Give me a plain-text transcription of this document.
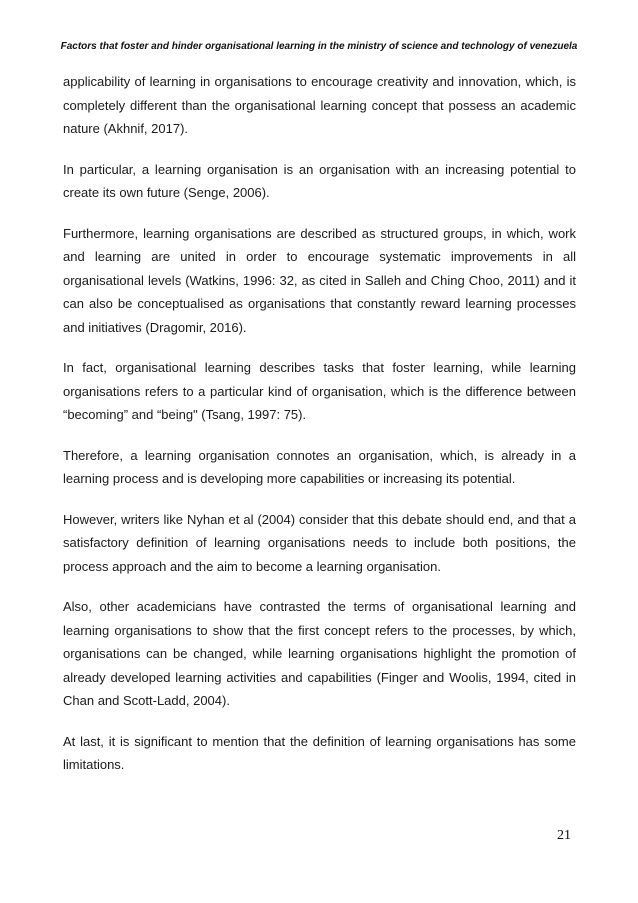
Factors that foster and hinder organisational learning in the ministry of science and technology of venezuela

applicability of learning in organisations to encourage creativity and innovation, which, is completely different than the organisational learning concept that possess an academic nature (Akhnif, 2017).

In particular, a learning organisation is an organisation with an increasing potential to create its own future (Senge, 2006).

Furthermore, learning organisations are described as structured groups, in which, work and learning are united in order to encourage systematic improvements in all organisational levels (Watkins, 1996: 32, as cited in Salleh and Ching Choo, 2011) and it can also be conceptualised as organisations that constantly reward learning processes and initiatives (Dragomir, 2016).

In fact, organisational learning describes tasks that foster learning, while learning organisations refers to a particular kind of organisation, which is the difference between “becoming” and “being" (Tsang, 1997: 75).

Therefore, a learning organisation connotes an organisation, which, is already in a learning process and is developing more capabilities or increasing its potential.

However, writers like Nyhan et al (2004) consider that this debate should end, and that a satisfactory definition of learning organisations needs to include both positions, the process approach and the aim to become a learning organisation.

Also, other academicians have contrasted the terms of organisational learning and learning organisations to show that the first concept refers to the processes, by which, organisations can be changed, while learning organisations highlight the promotion of already developed learning activities and capabilities (Finger and Woolis, 1994, cited in Chan and Scott-Ladd, 2004).

At last, it is significant to mention that the definition of learning organisations has some limitations.

21
